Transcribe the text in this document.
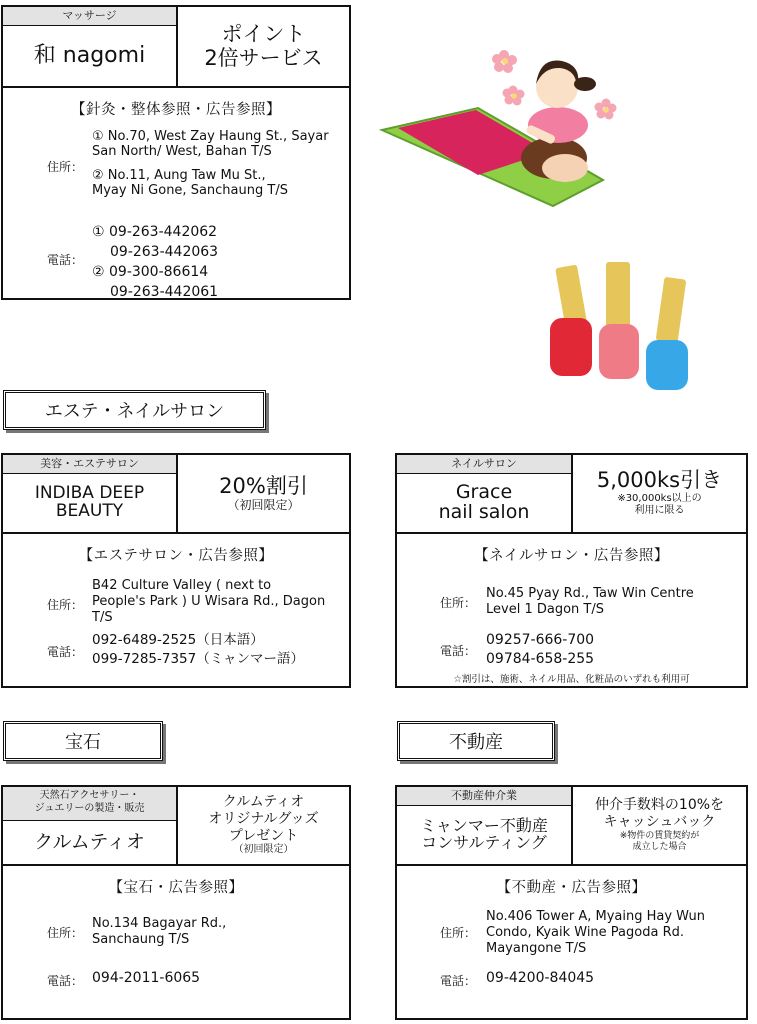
マッサージ
和 nagomi
ポイント
2倍サービス
【針灸・整体参照・広告参照】
住所：
① No.70, West Zay Haung St., Sayar
San North/ West, Bahan T/S
② No.11, Aung Taw Mu St.,
Myay Ni Gone, Sanchaung T/S
電話：
① 09-263-442062
09-263-442063
② 09-300-86614
09-263-442061
エステ・ネイルサロン
美容・エステサロン
INDIBA DEEP
BEAUTY
20%割引
（初回限定）
【エステサロン・広告参照】
住所：
B42 Culture Valley ( next to
People's Park ) U Wisara Rd., Dagon
T/S
電話：
092-6489-2525（日本語）
099-7285-7357（ミャンマー語）
ネイルサロン
Grace
nail salon
5,000ks引き
※30,000ks以上の
利用に限る
【ネイルサロン・広告参照】
住所：
No.45 Pyay Rd., Taw Win Centre
Level 1 Dagon T/S
電話：
09257-666-700
09784-658-255
☆割引は、施術、ネイル用品、化粧品のいずれも利用可
宝石	不動産
天然石アクセサリー・
ジュエリーの製造・販売
クルムティオ
クルムティオ
オリジナルグッズ
プレゼント
（初回限定）
【宝石・広告参照】
住所：
No.134 Bagayar Rd.,
Sanchaung T/S
電話： 094-2011-6065
不動産仲介業
ミャンマー不動産
コンサルティング
仲介手数料の10%を
キャッシュバック
※物件の賃貸契約が
成立した場合
【不動産・広告参照】
住所：
No.406 Tower A, Myaing Hay Wun
Condo, Kyaik Wine Pagoda Rd.
Mayangone T/S
電話： 09-4200-84045
